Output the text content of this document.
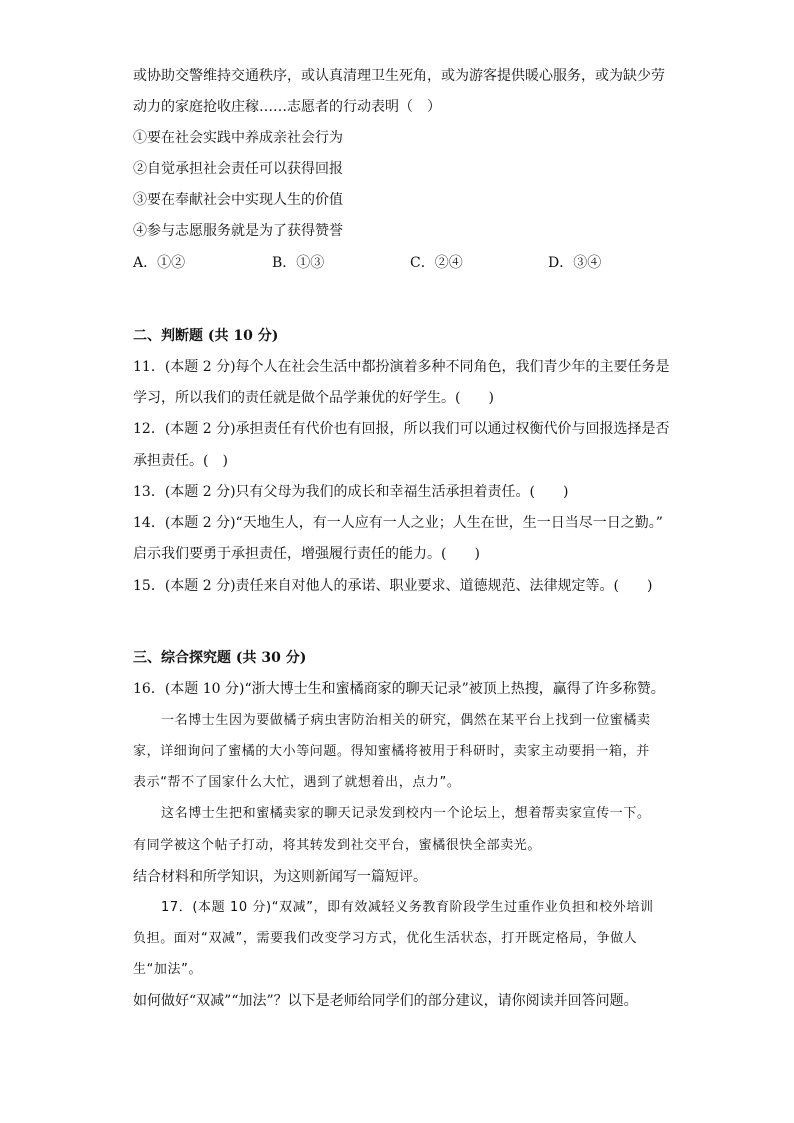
或协助交警维持交通秩序，或认真清理卫生死角，或为游客提供暖心服务，或为缺少劳
动力的家庭抢收庄稼……志愿者的行动表明（　）
①要在社会实践中养成亲社会行为
②自觉承担社会责任可以获得回报
③要在奉献社会中实现人生的价值
④参与志愿服务就是为了获得赞誉
A．①②	B．①③	C．②④	D．③④
二、判断题 (共 10 分)
11．(本题 2 分)每个人在社会生活中都扮演着多种不同角色，我们青少年的主要任务是
学习，所以我们的责任就是做个品学兼优的好学生。(　　)
12．(本题 2 分)承担责任有代价也有回报，所以我们可以通过权衡代价与回报选择是否
承担责任。(　)
13．(本题 2 分)只有父母为我们的成长和幸福生活承担着责任。(　　)
14．(本题 2 分)“天地生人，有一人应有一人之业；人生在世，生一日当尽一日之勤。”
启示我们要勇于承担责任，增强履行责任的能力。(　　)
15．(本题 2 分)责任来自对他人的承诺、职业要求、道德规范、法律规定等。(　　)
三、综合探究题 (共 30 分)
16．(本题 10 分)“浙大博士生和蜜橘商家的聊天记录”被顶上热搜，赢得了许多称赞。
一名博士生因为要做橘子病虫害防治相关的研究，偶然在某平台上找到一位蜜橘卖
家，详细询问了蜜橘的大小等问题。得知蜜橘将被用于科研时，卖家主动要捐一箱，并
表示“帮不了国家什么大忙，遇到了就想着出，点力”。
这名博士生把和蜜橘卖家的聊天记录发到校内一个论坛上，想着帮卖家宣传一下。
有同学被这个帖子打动，将其转发到社交平台，蜜橘很快全部卖光。
结合材料和所学知识，为这则新闻写一篇短评。
17．(本题 10 分)“双减”，即有效减轻义务教育阶段学生过重作业负担和校外培训
负担。面对“双减”，需要我们改变学习方式，优化生活状态，打开既定格局，争做人
生“加法”。
如何做好“双减”“加法”？以下是老师给同学们的部分建议，请你阅读并回答问题。
